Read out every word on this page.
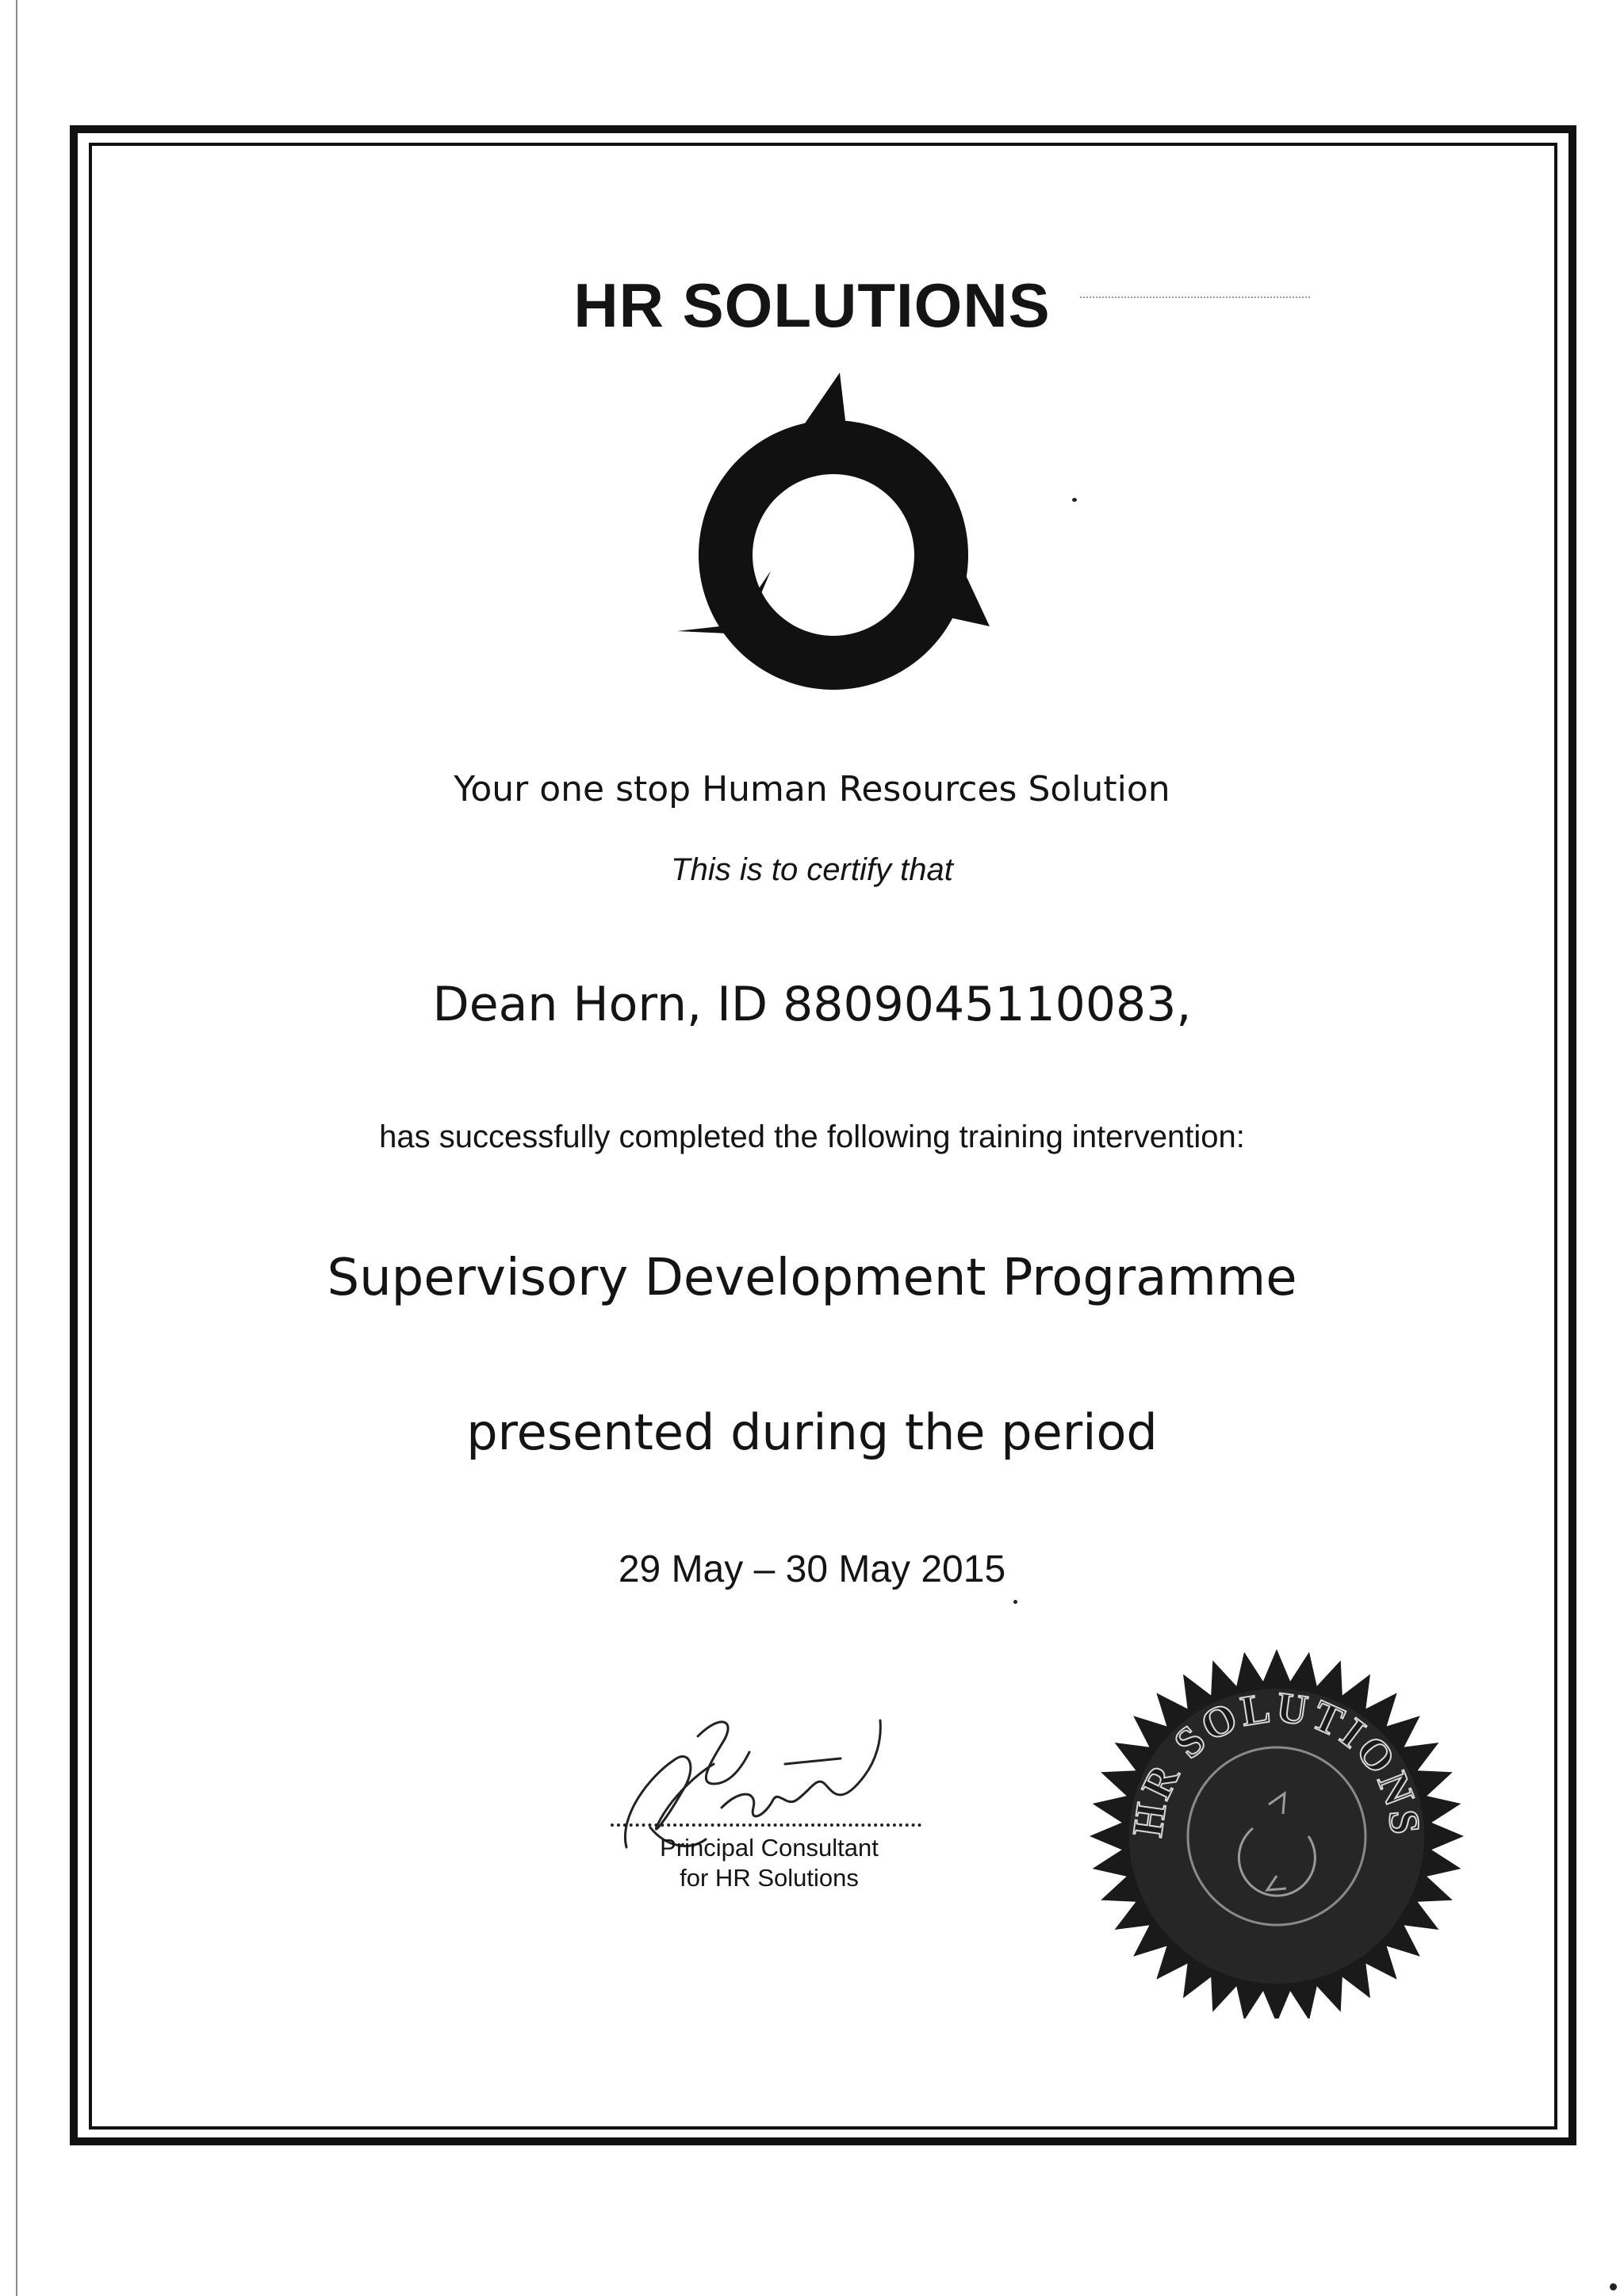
HR SOLUTIONS
Your one stop Human Resources Solution
This is to certify that
Dean Horn, ID 8809045110083,
has successfully completed the following training intervention:
Supervisory Development Programme
presented during the period
29 May – 30 May 2015
Principal Consultant
for HR Solutions
HR SOLUTIONS
